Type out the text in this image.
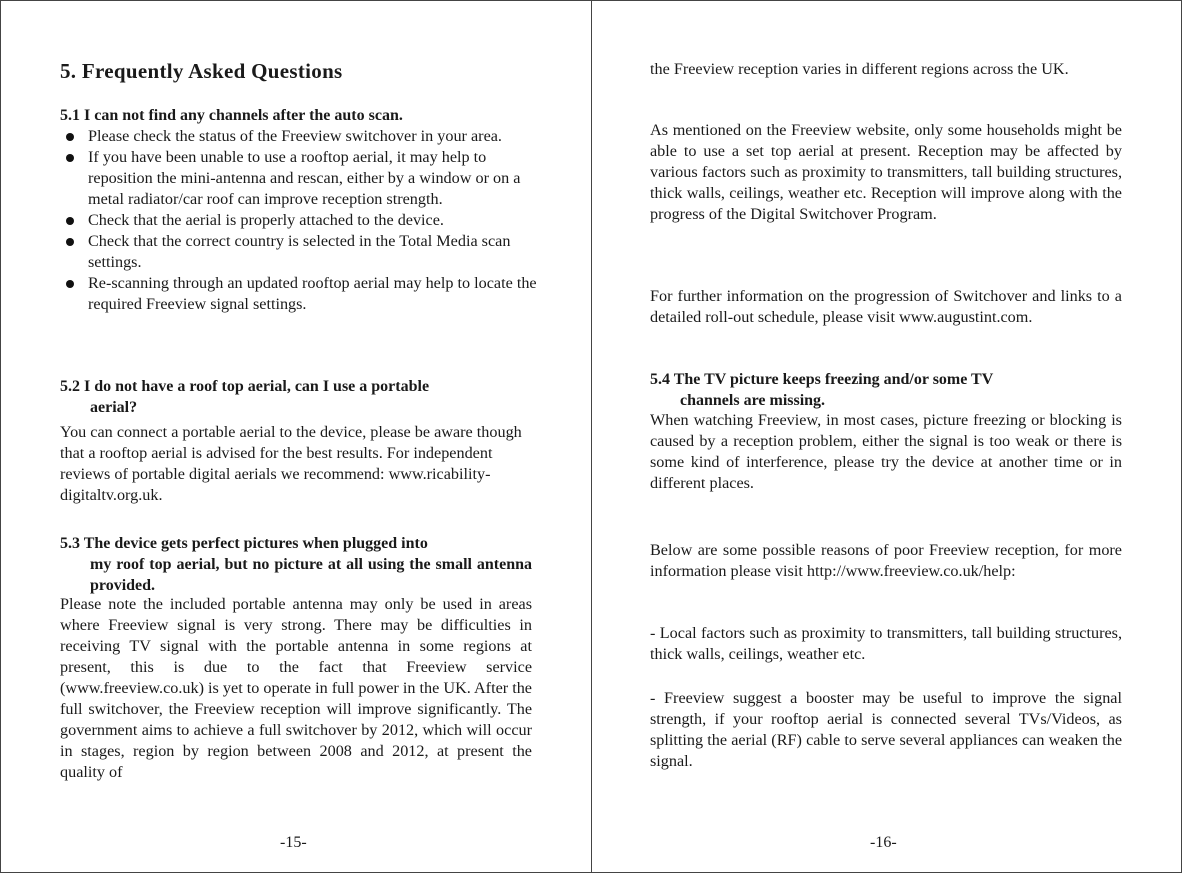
5. Frequently Asked Questions
5.1 I can not find any channels after the auto scan.
Please check the status of the Freeview switchover in your area.
If you have been unable to use a rooftop aerial, it may help to reposition the mini-antenna and rescan, either by a window or on a metal radiator/car roof can improve reception strength.
Check that the aerial is properly attached to the device.
Check that the correct country is selected in the Total Media scan settings.
Re-scanning through an updated rooftop aerial may help to locate the required Freeview signal settings.
5.2 I do not have a roof top aerial, can I use a portable
aerial?

You can connect a portable aerial to the device, please be aware though that a rooftop aerial is advised for the best results. For independent reviews of portable digital aerials we recommend: www.ricability-digitaltv.org.uk.

5.3 The device gets perfect pictures when plugged into
my roof top aerial, but no picture at all using the small antenna provided.

Please note the included portable antenna may only be used in areas where Freeview signal is very strong. There may be difficulties in receiving TV signal with the portable antenna in some regions at present, this is due to the fact that Freeview service (www.freeview.co.uk) is yet to operate in full power in the UK. After the full switchover, the Freeview reception will improve significantly. The government aims to achieve a full switchover by 2012, which will occur in stages, region by region between 2008 and 2012, at present the quality of

-15-

the Freeview reception varies in different regions across the UK.

As mentioned on the Freeview website, only some households might be able to use a set top aerial at present. Reception may be affected by various factors such as proximity to transmitters, tall building structures, thick walls, ceilings, weather etc. Reception will improve along with the progress of the Digital Switchover Program.

For further information on the progression of Switchover and links to a detailed roll-out schedule, please visit www.augustint.com.

5.4 The TV picture keeps freezing and/or some TV
channels are missing.

When watching Freeview, in most cases, picture freezing or blocking is caused by a reception problem, either the signal is too weak or there is some kind of interference, please try the device at another time or in different places.

Below are some possible reasons of poor Freeview reception, for more information please visit http://www.freeview.co.uk/help:

- Local factors such as proximity to transmitters, tall building structures, thick walls, ceilings, weather etc.

- Freeview suggest a booster may be useful to improve the signal strength, if your rooftop aerial is connected several TVs/Videos, as splitting the aerial (RF) cable to serve several appliances can weaken the signal.

-16-
